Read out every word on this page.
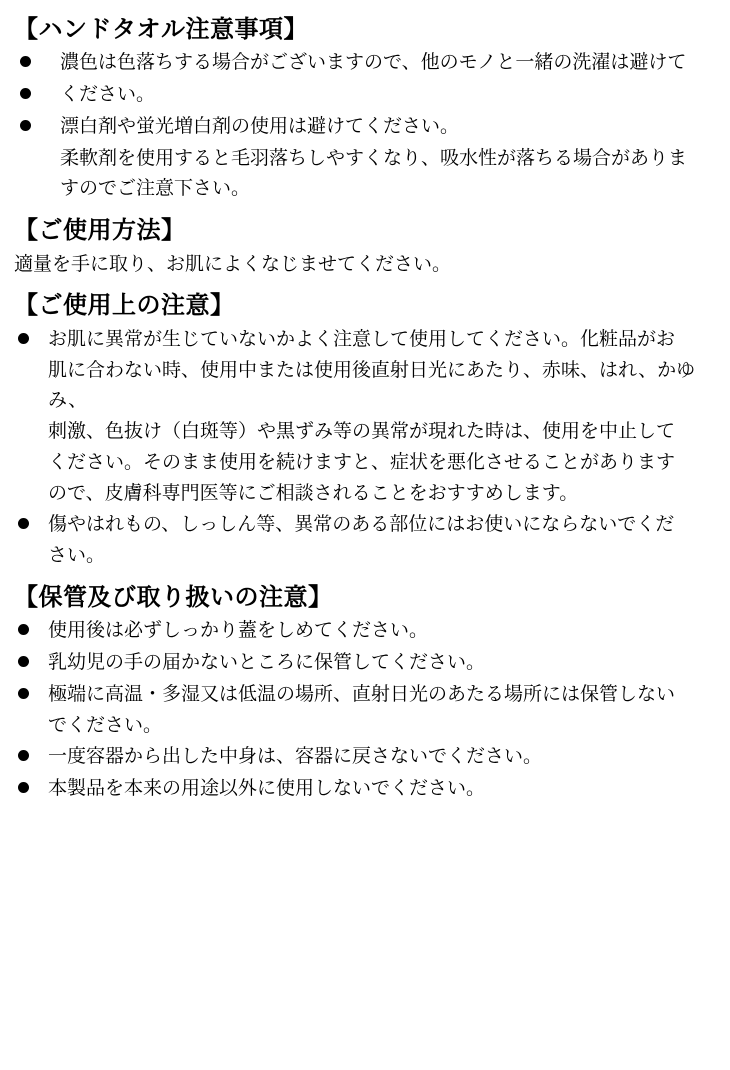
【ハンドタオル注意事項】
濃色は色落ちする場合がございますので、他のモノと一緒の洗濯は避けて
ください。
漂白剤や蛍光増白剤の使用は避けてください。

柔軟剤を使用すると毛羽落ちしやすくなり、吸水性が落ちる場合がありま

すのでご注意下さい。

【ご使用方法】

適量を手に取り、お肌によくなじませてください。

【ご使用上の注意】
お肌に異常が生じていないかよく注意して使用してください。化粧品がお
肌に合わない時、使用中または使用後直射日光にあたり、赤味、はれ、かゆみ、
刺激、色抜け（白斑等）や黒ずみ等の異常が現れた時は、使用を中止して
ください。そのまま使用を続けますと、症状を悪化させることがあります
ので、皮膚科専門医等にご相談されることをおすすめします。
傷やはれもの、しっしん等、異常のある部位にはお使いにならないでくだ
さい。
【保管及び取り扱いの注意】
使用後は必ずしっかり蓋をしめてください。
乳幼児の手の届かないところに保管してください。
極端に高温・多湿又は低温の場所、直射日光のあたる場所には保管しない
でください。
一度容器から出した中身は、容器に戻さないでください。
本製品を本来の用途以外に使用しないでください。
